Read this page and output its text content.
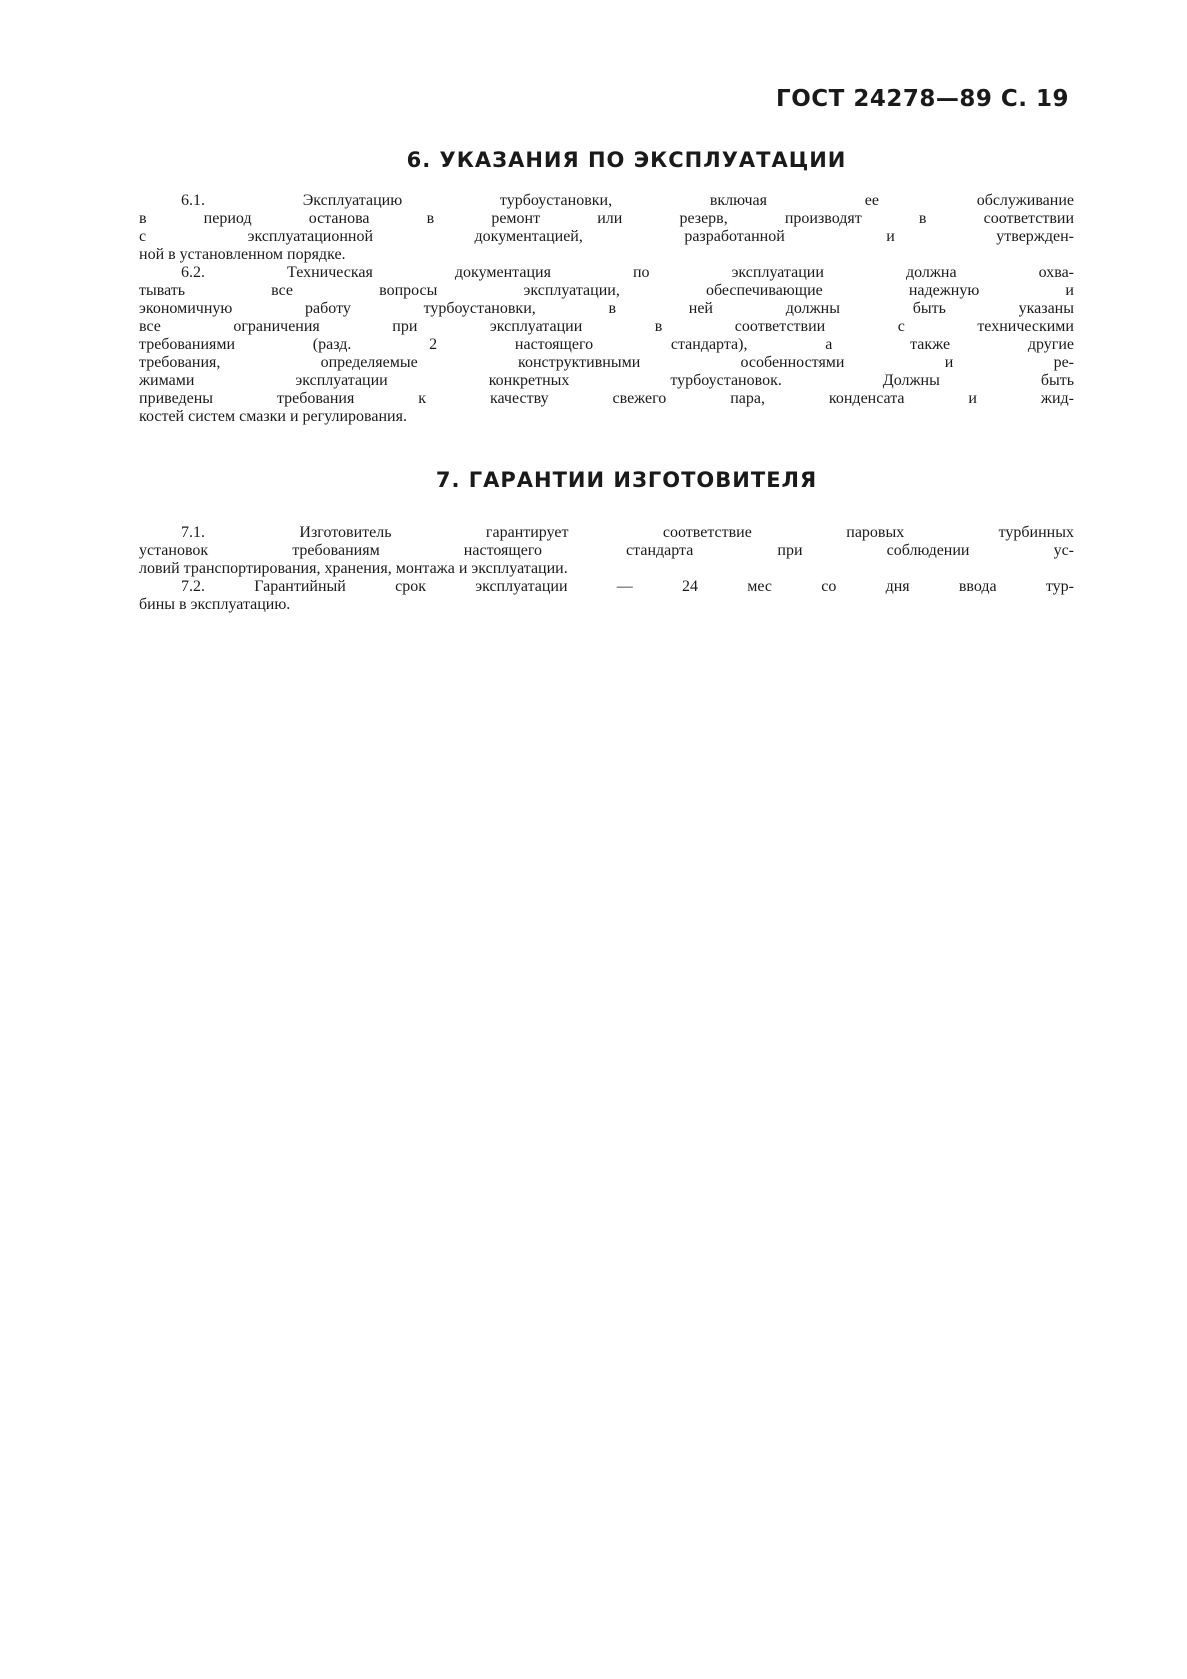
ГОСТ 24278—89 С. 19
6. УКАЗАНИЯ ПО ЭКСПЛУАТАЦИИ
6.1. Эксплуатацию турбоустановки, включая ее обслуживание
в период останова в ремонт или резерв, производят в соответствии
с эксплуатационной документацией, разработанной и утвержден-
ной в установленном порядке.
6.2. Техническая документация по эксплуатации должна охва-
тывать все вопросы эксплуатации, обеспечивающие надежную и
экономичную работу турбоустановки, в ней должны быть указаны
все ограничения при эксплуатации в соответствии с техническими
требованиями (разд. 2 настоящего стандарта), а также другие
требования, определяемые конструктивными особенностями и ре-
жимами эксплуатации конкретных турбоустановок. Должны быть
приведены требования к качеству свежего пара, конденсата и жид-
костей систем смазки и регулирования.
7. ГАРАНТИИ ИЗГОТОВИТЕЛЯ
7.1. Изготовитель гарантирует соответствие паровых турбинных
установок требованиям настоящего стандарта при соблюдении ус-
ловий транспортирования, хранения, монтажа и эксплуатации.
7.2. Гарантийный срок эксплуатации — 24 мес со дня ввода тур-
бины в эксплуатацию.
